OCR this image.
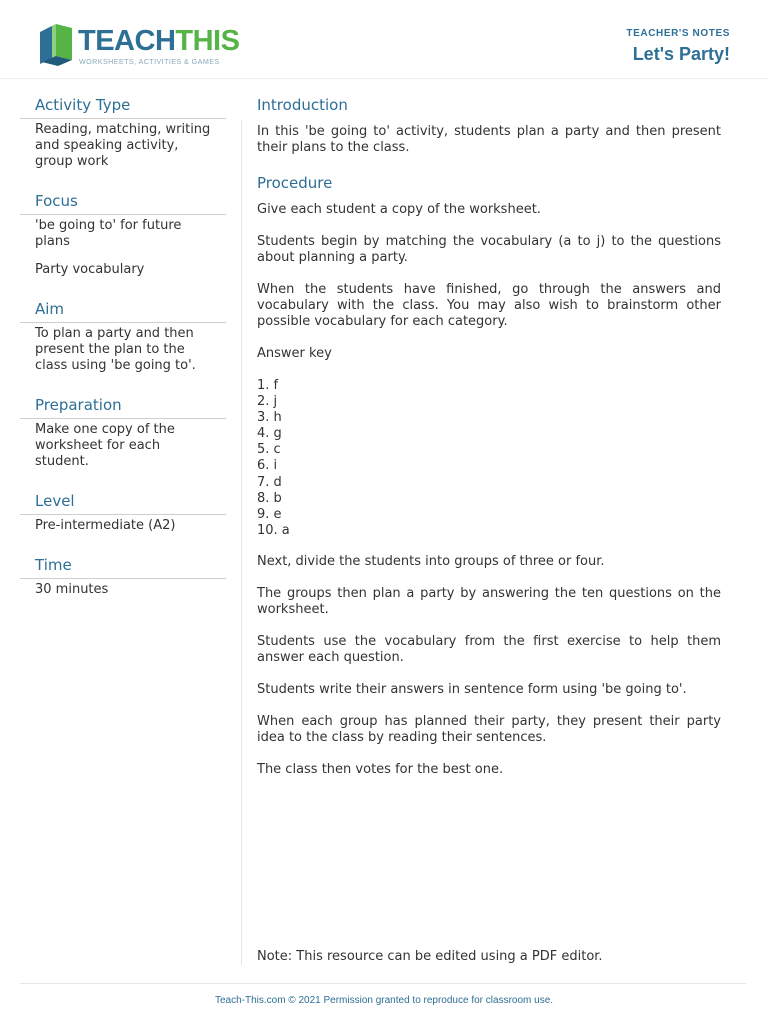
TEACHTHIS
WORKSHEETS, ACTIVITIES & GAMES
TEACHER'S NOTES
Let's Party!
Activity Type

Reading, matching, writing and speaking activity, group work

Focus

'be going to' for future plans

Party vocabulary

Aim

To plan a party and then present the plan to the class using 'be going to'.

Preparation

Make one copy of the worksheet for each student.

Level

Pre-intermediate (A2)

Time

30 minutes

Introduction

In this 'be going to' activity, students plan a party and then present their plans to the class.

Procedure

Give each student a copy of the worksheet.

Students begin by matching the vocabulary (a to j) to the questions about planning a party.

When the students have finished, go through the answers and vocabulary with the class. You may also wish to brainstorm other possible vocabulary for each category.

Answer key

1. f
2. j
3. h
4. g
5. c
6. i
7. d
8. b
9. e
10. a

Next, divide the students into groups of three or four.

The groups then plan a party by answering the ten questions on the worksheet.

Students use the vocabulary from the first exercise to help them answer each question.

Students write their answers in sentence form using 'be going to'.

When each group has planned their party, they present their party idea to the class by reading their sentences.

The class then votes for the best one.

Note: This resource can be edited using a PDF editor.
Teach-This.com © 2021 Permission granted to reproduce for classroom use.
